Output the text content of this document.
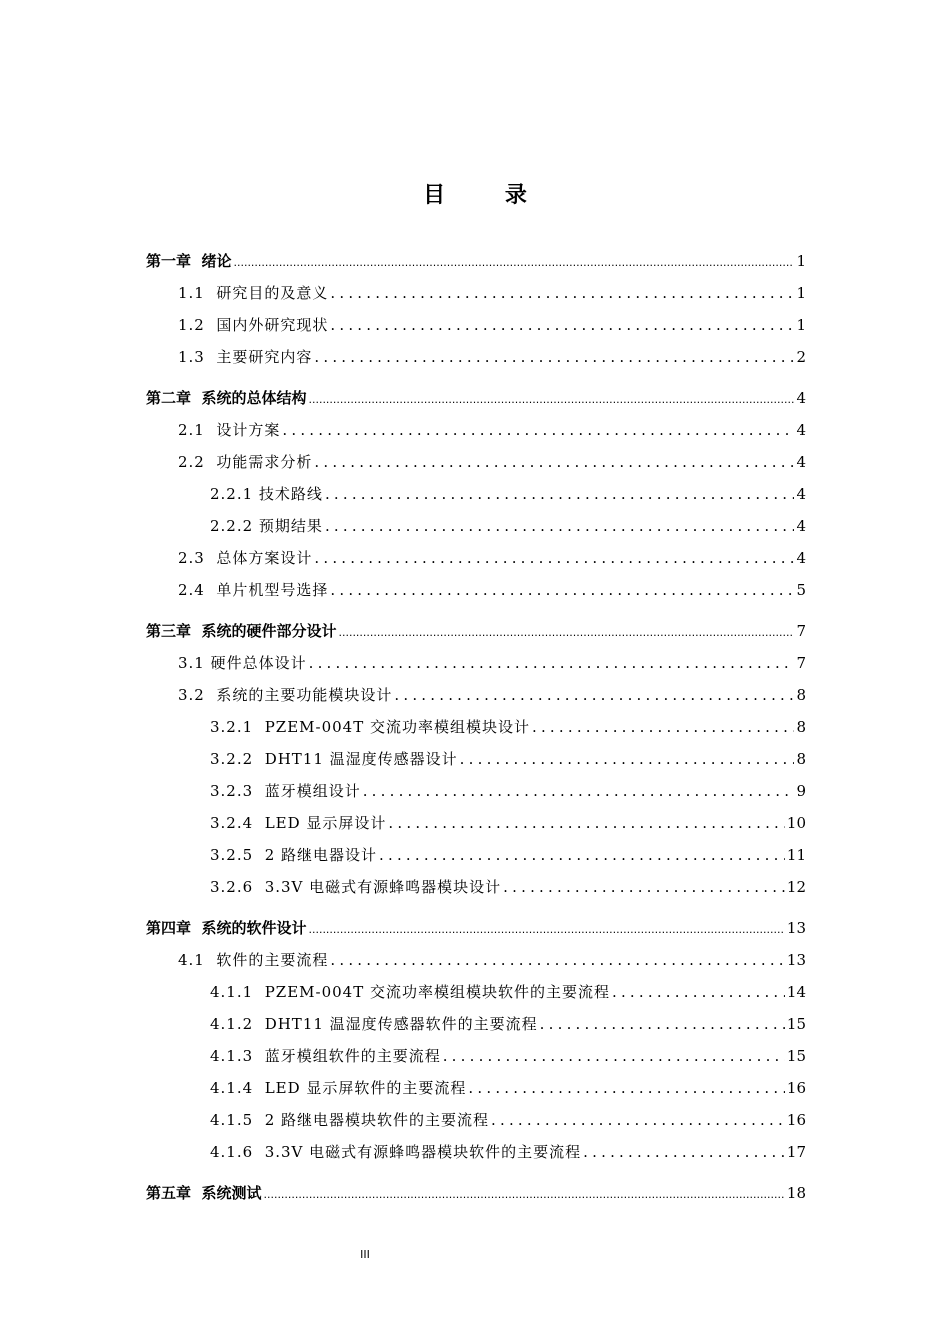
目 录
第一章  绪论 .....	1
1.1  研究目的及意义 .....	1
1.2  国内外研究现状 .....	1
1.3  主要研究内容 .....	2
第二章  系统的总体结构 .....	4
2.1  设计方案 .....	4
2.2  功能需求分析 .....	4
2.2.1 技术路线 .....	4
2.2.2 预期结果 .....	4
2.3  总体方案设计 .....	4
2.4  单片机型号选择 .....	5
第三章  系统的硬件部分设计 .....	7
3.1 硬件总体设计 .....	7
3.2  系统的主要功能模块设计 .....	8
3.2.1  PZEM-004T 交流功率模组模块设计 .....	8
3.2.2  DHT11 温湿度传感器设计 .....	8
3.2.3  蓝牙模组设计 .....	9
3.2.4  LED 显示屏设计 .....	10
3.2.5  2 路继电器设计 .....	11
3.2.6  3.3V 电磁式有源蜂鸣器模块设计 .....	12
第四章  系统的软件设计 .....	13
4.1  软件的主要流程 .....	13
4.1.1  PZEM-004T 交流功率模组模块软件的主要流程 .....	14
4.1.2  DHT11 温湿度传感器软件的主要流程 .....	15
4.1.3  蓝牙模组软件的主要流程 .....	15
4.1.4  LED 显示屏软件的主要流程 .....	16
4.1.5  2 路继电器模块软件的主要流程 .....	16
4.1.6  3.3V 电磁式有源蜂鸣器模块软件的主要流程 .....	17
第五章  系统测试 .....	18
III
